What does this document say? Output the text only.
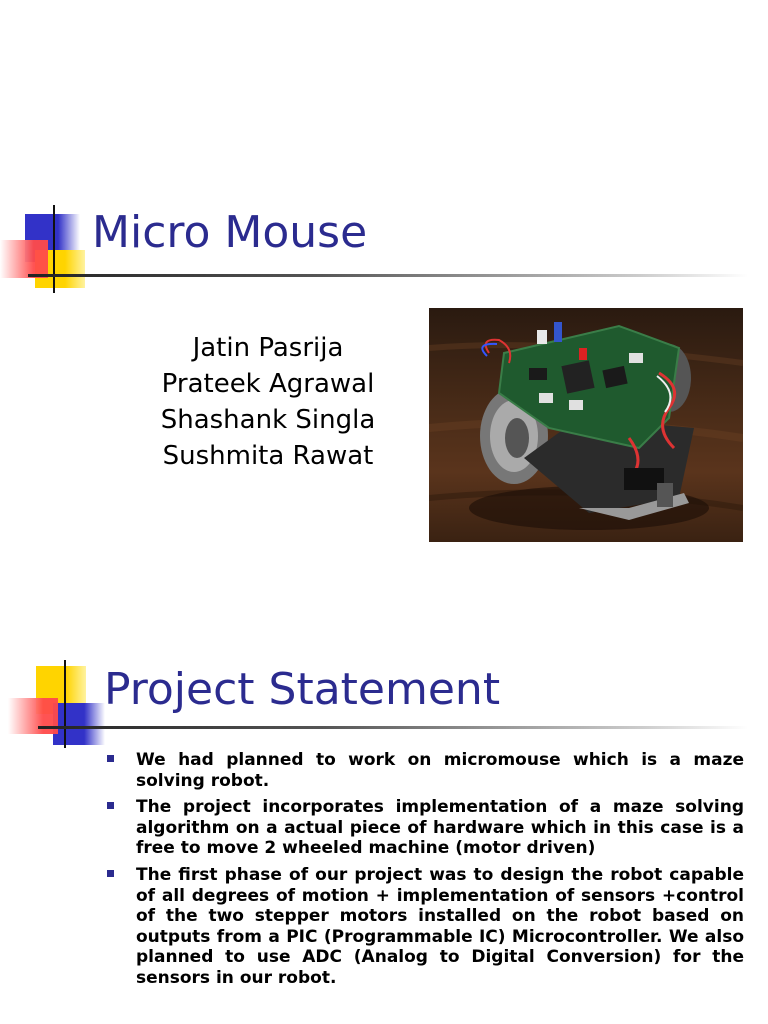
Micro Mouse
Jatin Pasrija
Prateek Agrawal
Shashank Singla
Sushmita Rawat
Project Statement
We had planned to work on micromouse which is a maze solving robot.
The project incorporates implementation of a maze solving algorithm on a actual piece of hardware which in this case is a free to move 2 wheeled machine (motor driven)
The first phase of our project was to design the robot capable of all degrees of motion + implementation of sensors +control of the two stepper motors installed on the robot based on outputs from a PIC (Programmable IC) Microcontroller. We also planned to use ADC (Analog to Digital Conversion) for the sensors in our robot.
